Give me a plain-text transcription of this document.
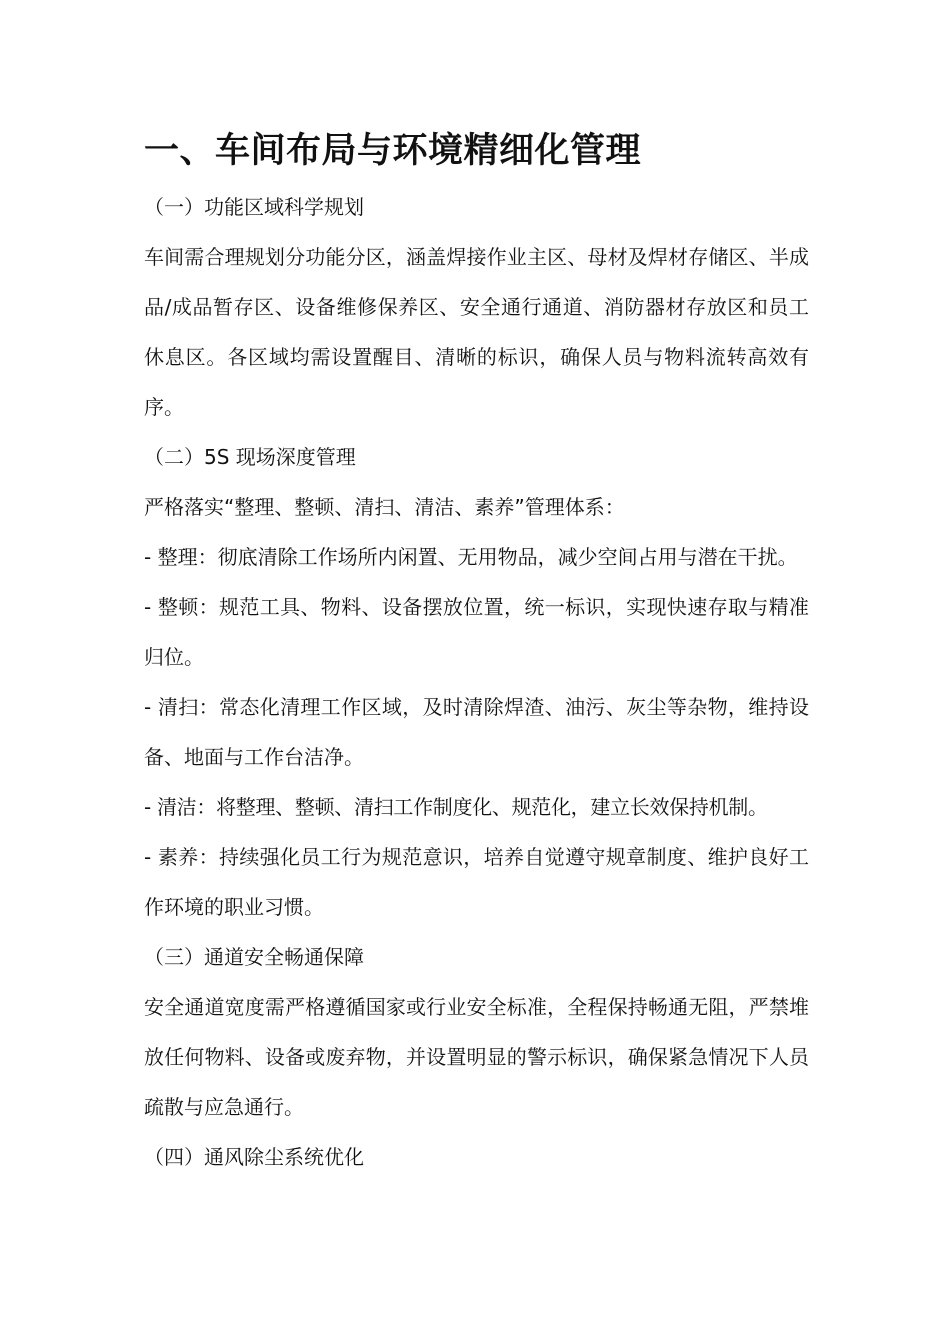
一、车间布局与环境精细化管理

（一）功能区域科学规划

车间需合理规划分功能分区，涵盖焊接作业主区、母材及焊材存储区、半成品/成品暂存区、设备维修保养区、安全通行通道、消防器材存放区和员工休息区。各区域均需设置醒目、清晰的标识，确保人员与物料流转高效有序。

（二）5S 现场深度管理

严格落实“整理、整顿、清扫、清洁、素养”管理体系：

- 整理：彻底清除工作场所内闲置、无用物品，减少空间占用与潜在干扰。

- 整顿：规范工具、物料、设备摆放位置，统一标识，实现快速存取与精准归位。

- 清扫：常态化清理工作区域，及时清除焊渣、油污、灰尘等杂物，维持设备、地面与工作台洁净。

- 清洁：将整理、整顿、清扫工作制度化、规范化，建立长效保持机制。

- 素养：持续强化员工行为规范意识，培养自觉遵守规章制度、维护良好工作环境的职业习惯。

（三）通道安全畅通保障

安全通道宽度需严格遵循国家或行业安全标准，全程保持畅通无阻，严禁堆放任何物料、设备或废弃物，并设置明显的警示标识，确保紧急情况下人员疏散与应急通行。

（四）通风除尘系统优化
